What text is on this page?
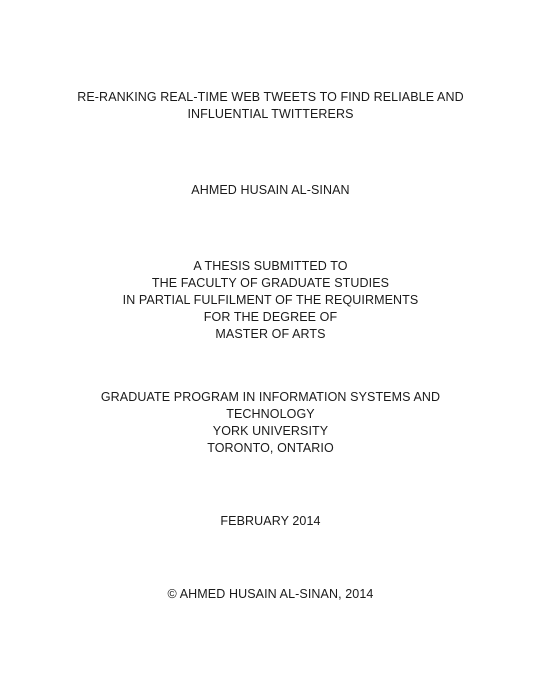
RE-RANKING REAL-TIME WEB TWEETS TO FIND RELIABLE AND
INFLUENTIAL TWITTERERS
AHMED HUSAIN AL-SINAN
A THESIS SUBMITTED TO
THE FACULTY OF GRADUATE STUDIES
IN PARTIAL FULFILMENT OF THE REQUIRMENTS
FOR THE DEGREE OF
MASTER OF ARTS
GRADUATE PROGRAM IN INFORMATION SYSTEMS AND
TECHNOLOGY
YORK UNIVERSITY
TORONTO, ONTARIO
FEBRUARY 2014
© AHMED HUSAIN AL-SINAN, 2014
